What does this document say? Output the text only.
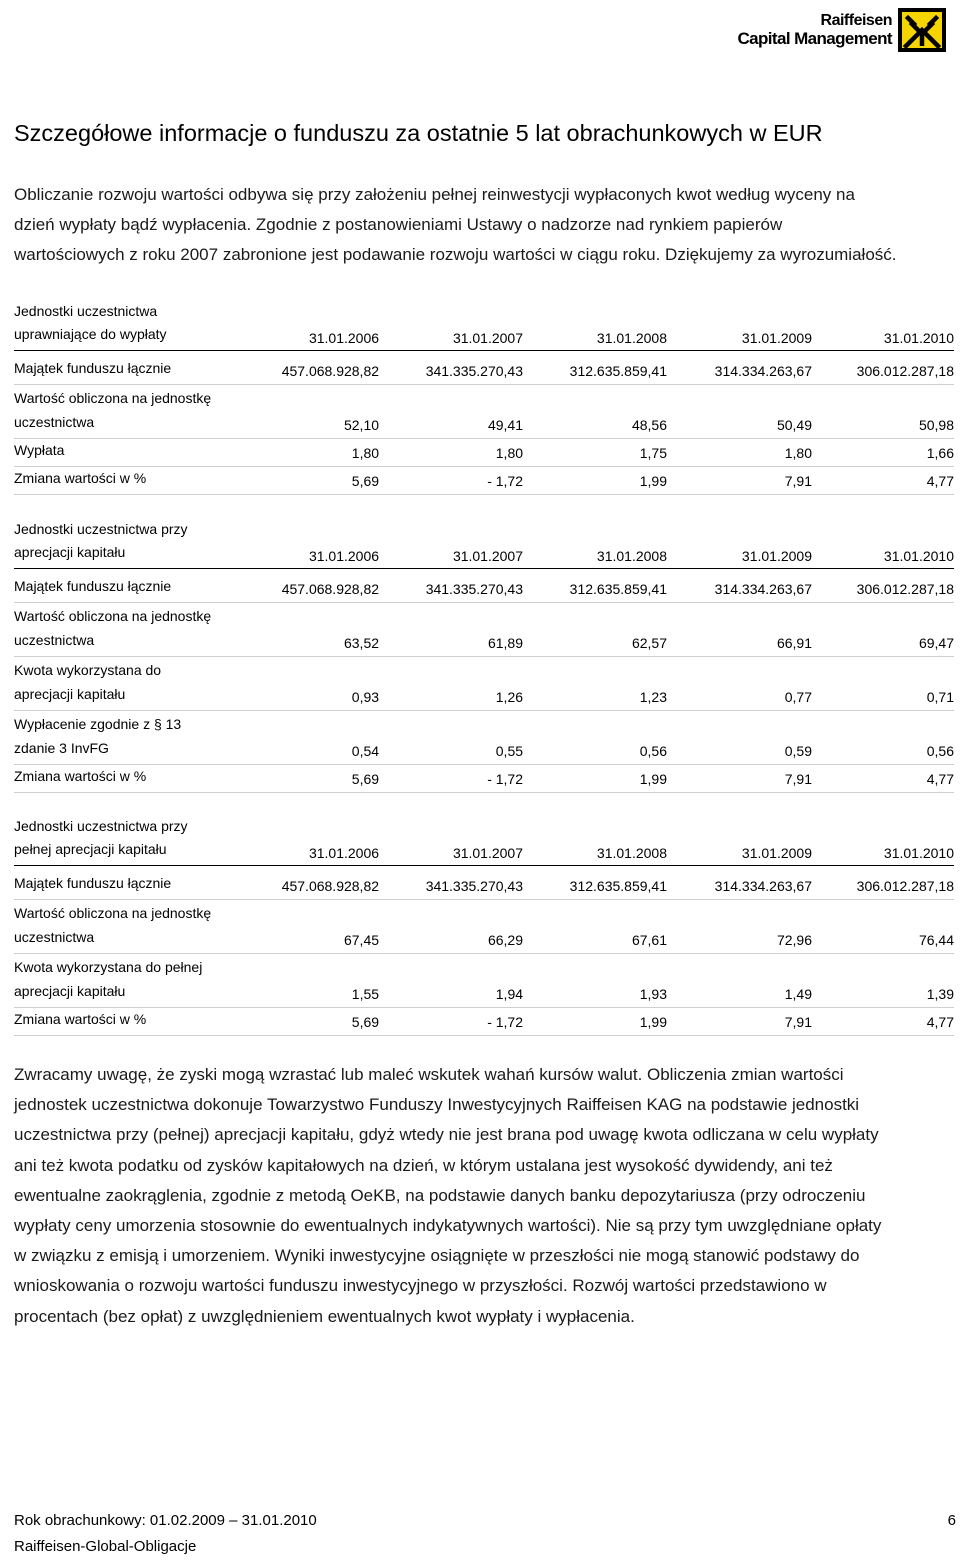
Raiffeisen
Capital Management
Szczegółowe informacje o funduszu za ostatnie 5 lat obrachunkowych w EUR
Obliczanie rozwoju wartości odbywa się przy założeniu pełnej reinwestycji wypłaconych kwot według wyceny na
dzień wypłaty bądź wypłacenia. Zgodnie z postanowieniami Ustawy o nadzorze nad rynkiem papierów
wartościowych z roku 2007 zabronione jest podawanie rozwoju wartości w ciągu roku. Dziękujemy za wyrozumiałość.
Jednostki uczestnictwa
uprawniające do wypłaty	31.01.2006	31.01.2007	31.01.2008	31.01.2009	31.01.2010

Majątek funduszu łącznie	457.068.928,82	341.335.270,43	312.635.859,41	314.334.263,67	306.012.287,18

Wartość obliczona na jednostkę
uczestnictwa	52,10	49,41	48,56	50,49	50,98

Wypłata	1,80	1,80	1,75	1,80	1,66

Zmiana wartości w %	5,69	- 1,72	1,99	7,91	4,77
Jednostki uczestnictwa przy
aprecjacji kapitału	31.01.2006	31.01.2007	31.01.2008	31.01.2009	31.01.2010

Majątek funduszu łącznie	457.068.928,82	341.335.270,43	312.635.859,41	314.334.263,67	306.012.287,18

Wartość obliczona na jednostkę
uczestnictwa	63,52	61,89	62,57	66,91	69,47

Kwota wykorzystana do
aprecjacji kapitału	0,93	1,26	1,23	0,77	0,71

Wypłacenie zgodnie z § 13
zdanie 3 InvFG	0,54	0,55	0,56	0,59	0,56

Zmiana wartości w %	5,69	- 1,72	1,99	7,91	4,77
Jednostki uczestnictwa przy
pełnej aprecjacji kapitału	31.01.2006	31.01.2007	31.01.2008	31.01.2009	31.01.2010

Majątek funduszu łącznie	457.068.928,82	341.335.270,43	312.635.859,41	314.334.263,67	306.012.287,18

Wartość obliczona na jednostkę
uczestnictwa	67,45	66,29	67,61	72,96	76,44

Kwota wykorzystana do pełnej
aprecjacji kapitału	1,55	1,94	1,93	1,49	1,39

Zmiana wartości w %	5,69	- 1,72	1,99	7,91	4,77
Zwracamy uwagę, że zyski mogą wzrastać lub maleć wskutek wahań kursów walut. Obliczenia zmian wartości
jednostek uczestnictwa dokonuje Towarzystwo Funduszy Inwestycyjnych Raiffeisen KAG na podstawie jednostki
uczestnictwa przy (pełnej) aprecjacji kapitału, gdyż wtedy nie jest brana pod uwagę kwota odliczana w celu wypłaty
ani też kwota podatku od zysków kapitałowych na dzień, w którym ustalana jest wysokość dywidendy, ani też
ewentualne zaokrąglenia, zgodnie z metodą OeKB, na podstawie danych banku depozytariusza (przy odroczeniu
wypłaty ceny umorzenia stosownie do ewentualnych indykatywnych wartości). Nie są przy tym uwzględniane opłaty
w związku z emisją i umorzeniem. Wyniki inwestycyjne osiągnięte w przeszłości nie mogą stanowić podstawy do
wnioskowania o rozwoju wartości funduszu inwestycyjnego w przyszłości. Rozwój wartości przedstawiono w
procentach (bez opłat) z uwzględnieniem ewentualnych kwot wypłaty i wypłacenia.
Rok obrachunkowy: 01.02.2009 – 31.01.2010	6
Raiffeisen-Global-Obligacje
